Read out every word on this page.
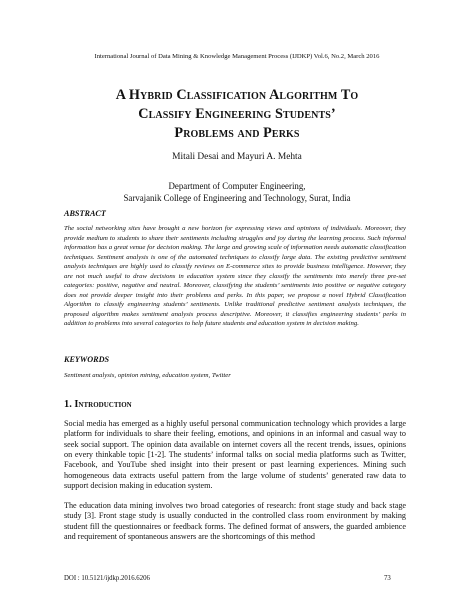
International Journal of Data Mining & Knowledge Management Process (IJDKP) Vol.6, No.2, March 2016
A Hybrid Classification Algorithm To
Classify Engineering Students’
Problems and Perks
Mitali Desai and Mayuri A. Mehta
Department of Computer Engineering,
Sarvajanik College of Engineering and Technology, Surat, India
ABSTRACT
The social networking sites have brought a new horizon for expressing views and opinions of individuals. Moreover, they provide medium to students to share their sentiments including struggles and joy during the learning process. Such informal information has a great venue for decision making. The large and growing scale of information needs automatic classification techniques. Sentiment analysis is one of the automated techniques to classify large data. The existing predictive sentiment analysis techniques are highly used to classify reviews on E-commerce sites to provide business intelligence. However, they are not much useful to draw decisions in education system since they classify the sentiments into merely three pre-set categories: positive, negative and neutral. Moreover, classifying the students’ sentiments into positive or negative category does not provide deeper insight into their problems and perks. In this paper, we propose a novel Hybrid Classification Algorithm to classify engineering students’ sentiments. Unlike traditional predictive sentiment analysis techniques, the proposed algorithm makes sentiment analysis process descriptive. Moreover, it classifies engineering students’ perks in addition to problems into several categories to help future students and education system in decision making.
KEYWORDS
Sentiment analysis, opinion mining, education system, Twitter
1. Introduction
Social media has emerged as a highly useful personal communication technology which provides a large platform for individuals to share their feeling, emotions, and opinions in an informal and casual way to seek social support. The opinion data available on internet covers all the recent trends, issues, opinions on every thinkable topic [1-2]. The students’ informal talks on social media platforms such as Twitter, Facebook, and YouTube shed insight into their present or past learning experiences. Mining such homogeneous data extracts useful pattern from the large volume of students’ generated raw data to support decision making in education system.
The education data mining involves two broad categories of research: front stage study and back stage study [3]. Front stage study is usually conducted in the controlled class room environment by making student fill the questionnaires or feedback forms. The defined format of answers, the guarded ambience and requirement of spontaneous answers are the shortcomings of this method
DOI : 10.5121/ijdkp.2016.6206	73
